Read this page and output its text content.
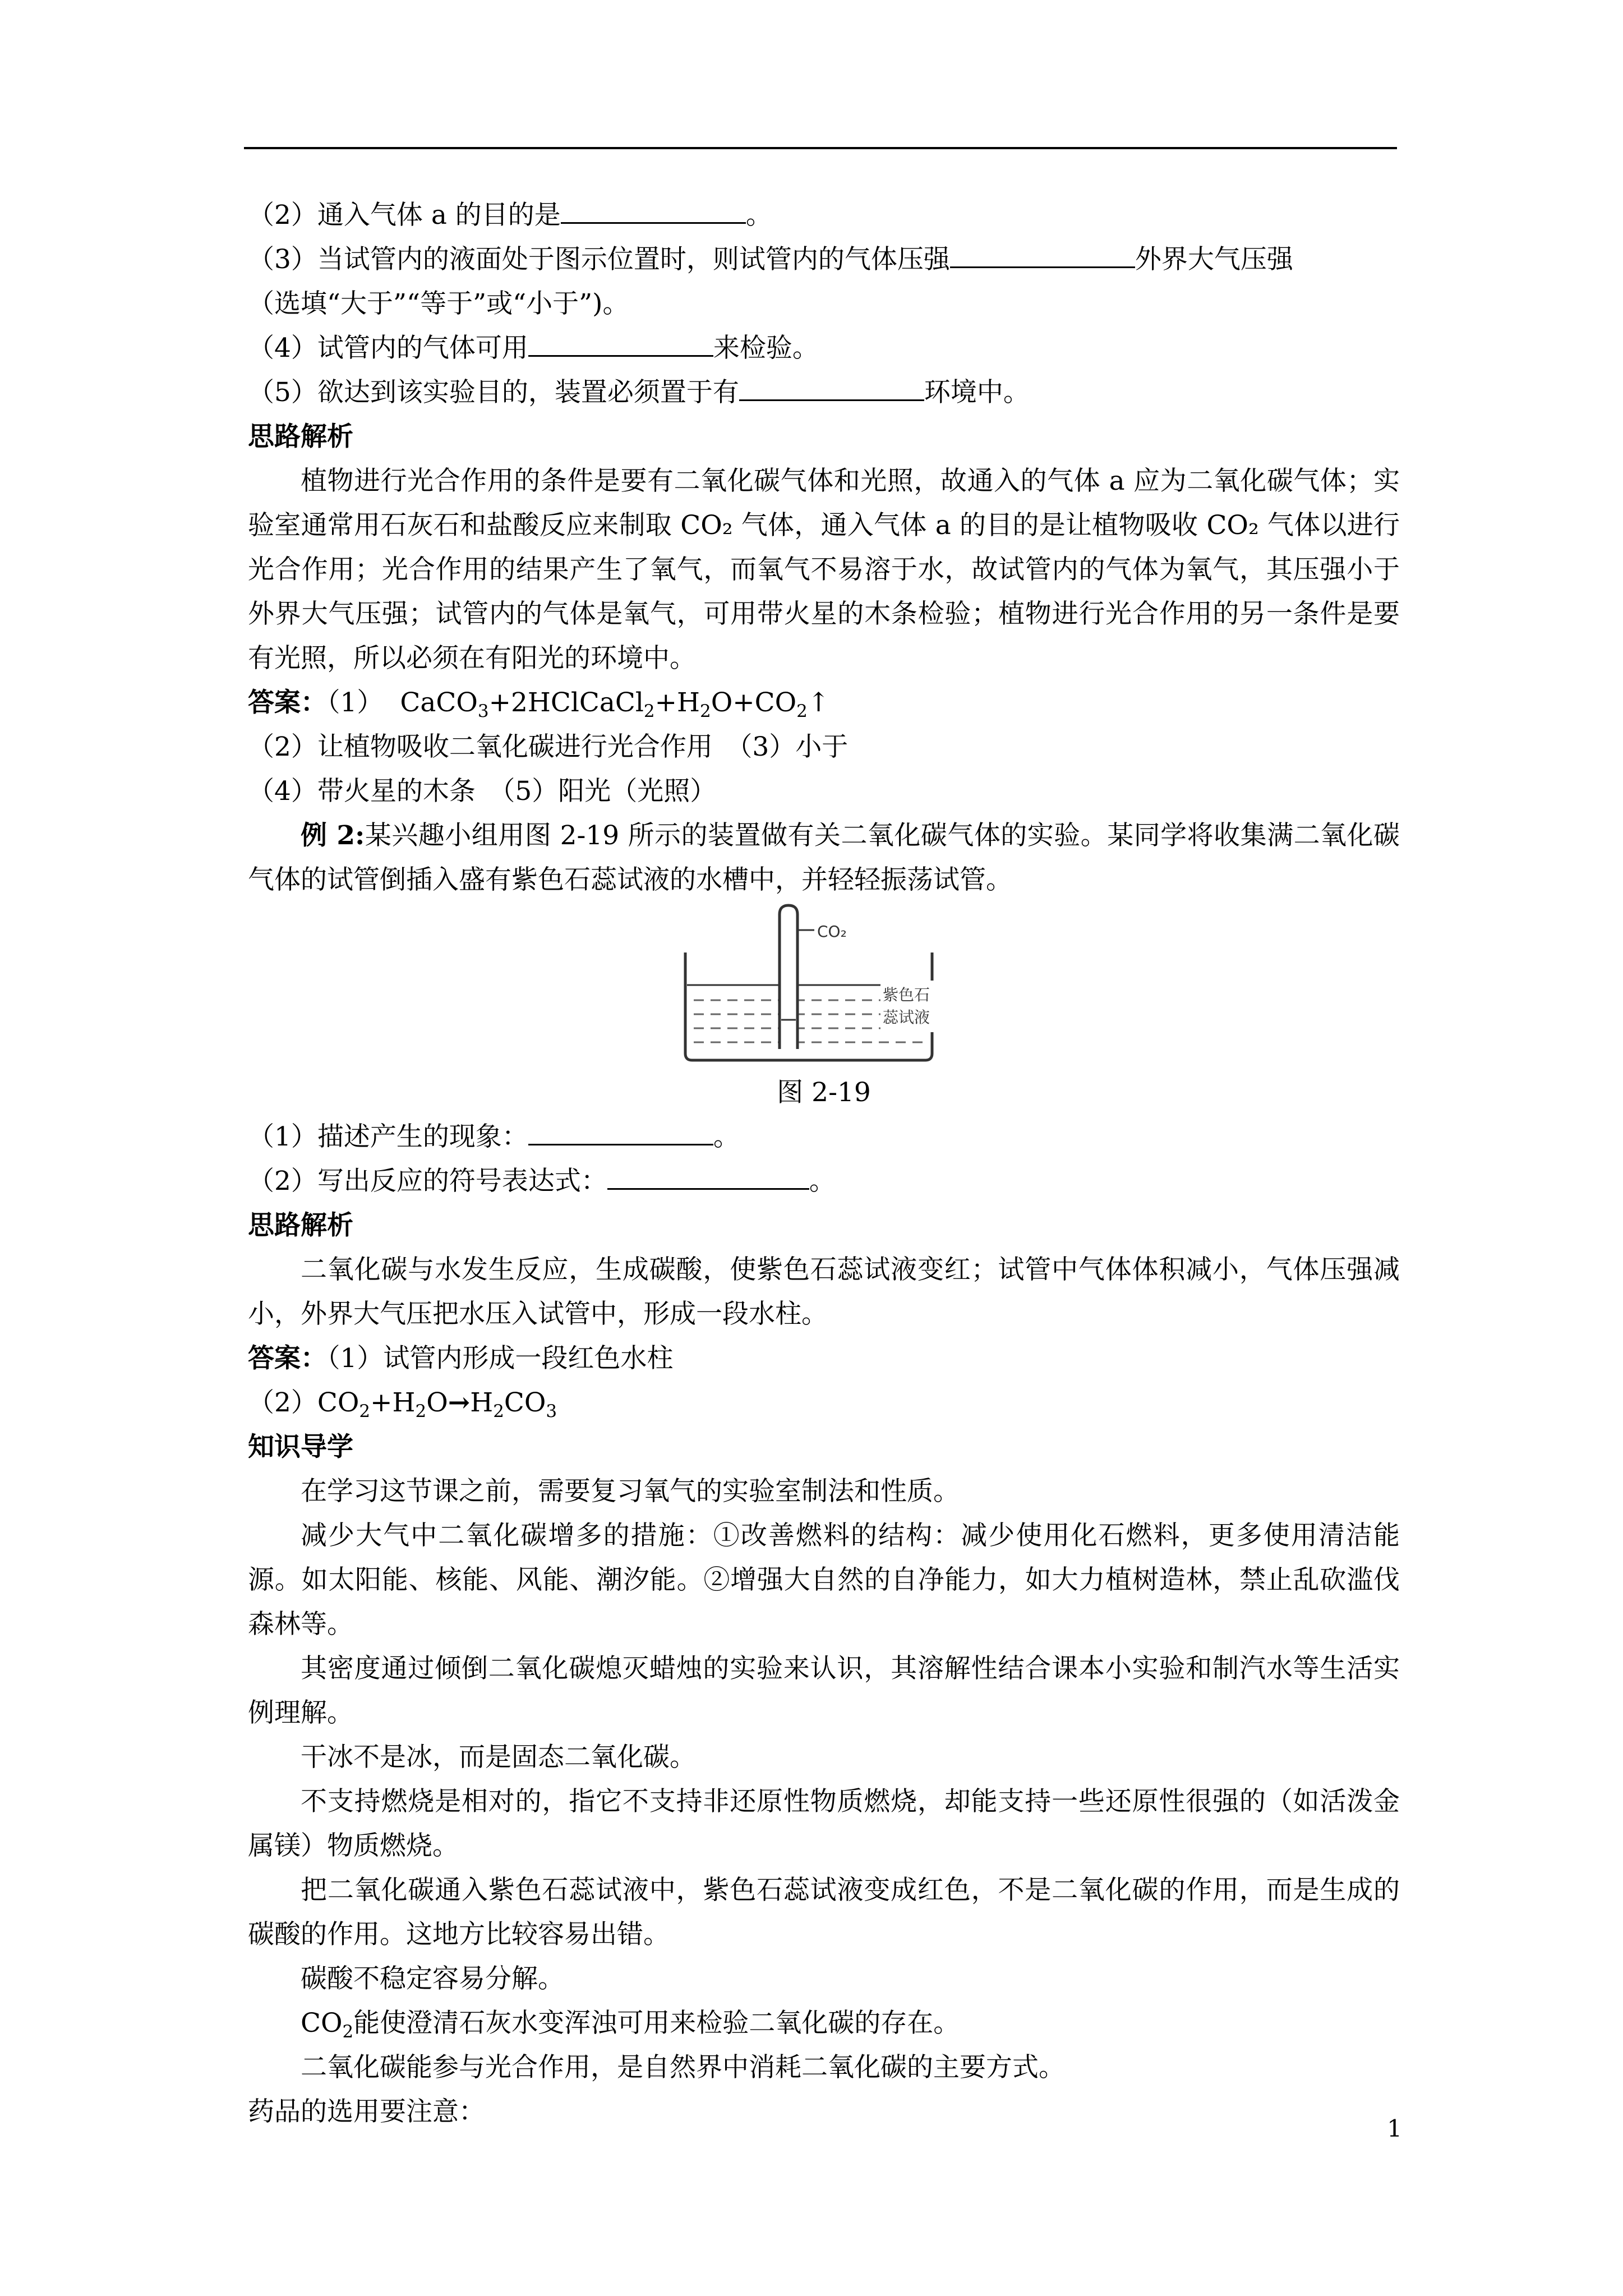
（2）通入气体 a 的目的是	。
（3）当试管内的液面处于图示位置时，则试管内的气体压强	外界大气压强
（选填“大于”“等于”或“小于”)。
（4）试管内的气体可用	来检验。
（5）欲达到该实验目的，装置必须置于有	环境中。
思路解析
植物进行光合作用的条件是要有二氧化碳气体和光照，故通入的气体 a 应为二氧化碳气体；实验室通常用石灰石和盐酸反应来制取 CO₂ 气体，通入气体 a 的目的是让植物吸收 CO₂ 气体以进行光合作用；光合作用的结果产生了氧气，而氧气不易溶于水，故试管内的气体为氧气，其压强小于外界大气压强；试管内的气体是氧气，可用带火星的木条检验；植物进行光合作用的另一条件是要有光照，所以必须在有阳光的环境中。
答案：（1） $CaCO_3+2HClCaCl_2+H_2O+CO_2↑$
（2）让植物吸收二氧化碳进行光合作用　（3）小于
（4）带火星的木条　（5）阳光（光照）
例 2:某兴趣小组用图 2-19 所示的装置做有关二氧化碳气体的实验。某同学将收集满二氧化碳气体的试管倒插入盛有紫色石蕊试液的水槽中，并轻轻振荡试管。
CO₂
紫色石
蕊试液
图 2-19
（1）描述产生的现象：	。
（2）写出反应的符号表达式：	。
思路解析
二氧化碳与水发生反应，生成碳酸，使紫色石蕊试液变红；试管中气体体积减小，气体压强减小，外界大气压把水压入试管中，形成一段水柱。
答案：（1）试管内形成一段红色水柱
$(2)CO_2+H_2O\to H_2CO_3$
知识导学
在学习这节课之前，需要复习氧气的实验室制法和性质。
减少大气中二氧化碳增多的措施：①改善燃料的结构：减少使用化石燃料，更多使用清洁能源。如太阳能、核能、风能、潮汐能。②增强大自然的自净能力，如大力植树造林，禁止乱砍滥伐森林等。
其密度通过倾倒二氧化碳熄灭蜡烛的实验来认识，其溶解性结合课本小实验和制汽水等生活实例理解。
干冰不是冰，而是固态二氧化碳。
不支持燃烧是相对的，指它不支持非还原性物质燃烧，却能支持一些还原性很强的（如活泼金属镁）物质燃烧。
把二氧化碳通入紫色石蕊试液中，紫色石蕊试液变成红色，不是二氧化碳的作用，而是生成的碳酸的作用。这地方比较容易出错。
碳酸不稳定容易分解。
$CO_2$能使澄清石灰水变浑浊可用来检验二氧化碳的存在。
二氧化碳能参与光合作用，是自然界中消耗二氧化碳的主要方式。
药品的选用要注意：
1
